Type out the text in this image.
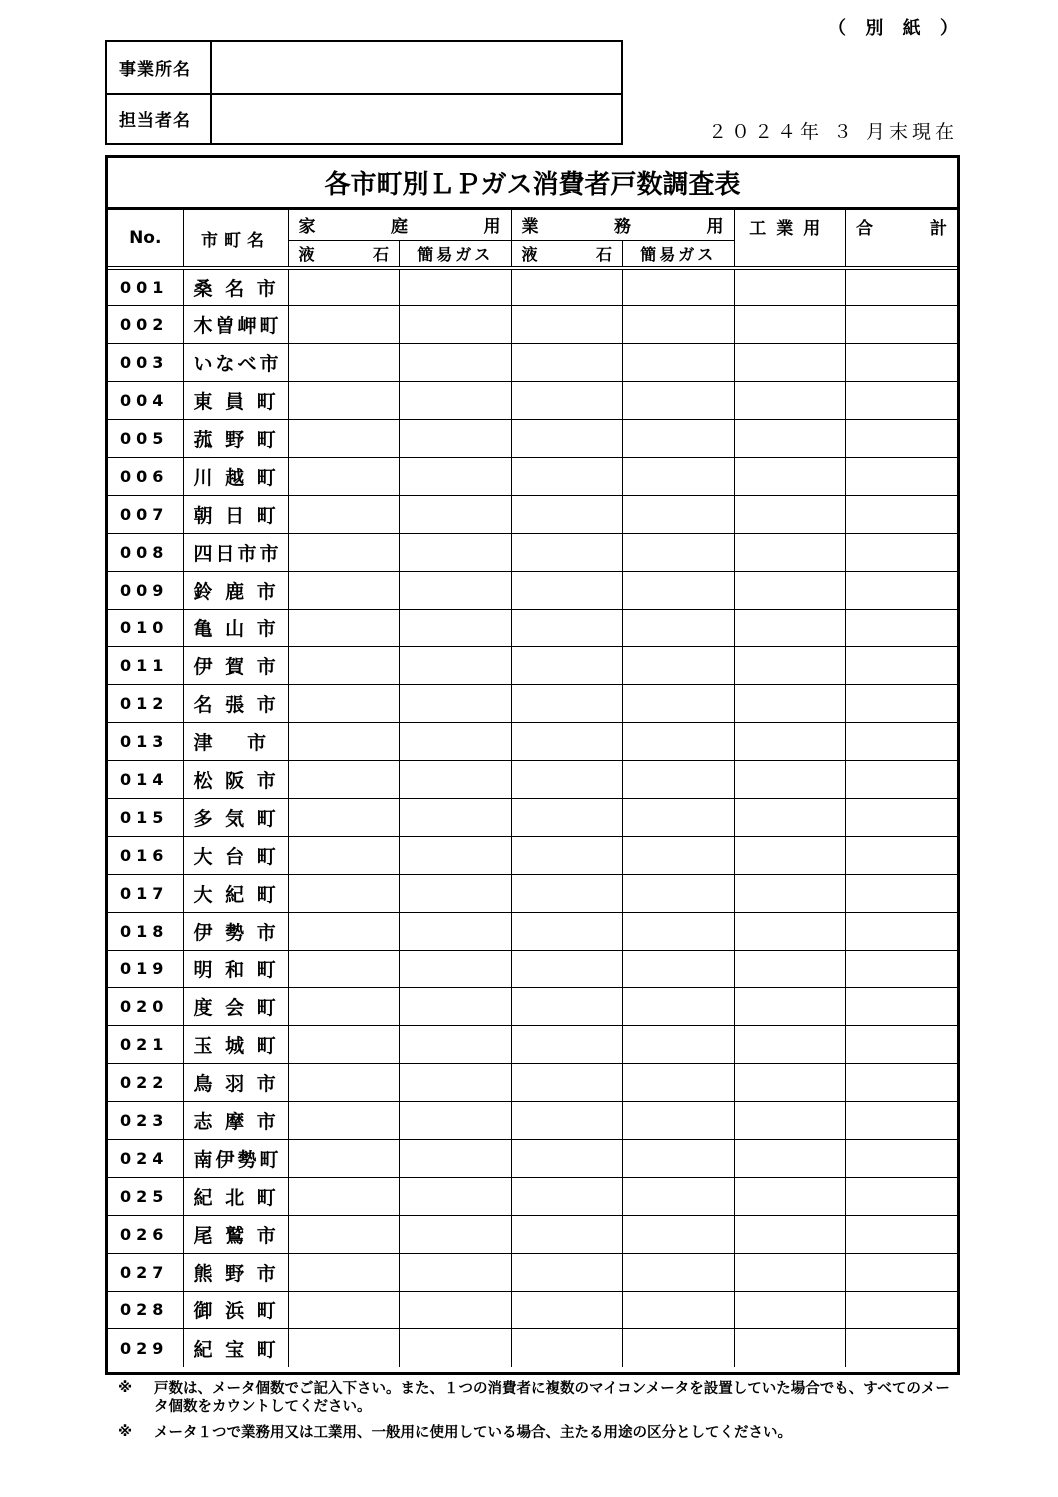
（ 別 紙 ）
事業所名
担当者名	２０２４年 ３ 月末現在
各市町別ＬＰガス消費者戸数調査表
No.	市町名	家 庭 用		業 務 用		工業用	合 計

		液 石	簡易ガス	液 石	簡易ガス		

001	桑 名 市						
002	木曽岬町						
003	いなべ市						
004	東 員 町						
005	菰 野 町						
006	川 越 町						
007	朝 日 町						
008	四日市市						
009	鈴 鹿 市						
010	亀 山 市						
011	伊 賀 市						
012	名 張 市						
013	津　 市						
014	松 阪 市						
015	多 気 町						
016	大 台 町						
017	大 紀 町						
018	伊 勢 市						
019	明 和 町						
020	度 会 町						
021	玉 城 町						
022	鳥 羽 市						
023	志 摩 市						
024	南伊勢町						
025	紀 北 町						
026	尾 鷲 市						
027	熊 野 市						
028	御 浜 町						
029	紀 宝 町						
※	戸数は、メータ個数でご記入下さい。また、１つの消費者に複数のマイコンメータを設置していた場合でも、すべてのメータ個数をカウントしてください。
※	メータ１つで業務用又は工業用、一般用に使用している場合、主たる用途の区分としてください。
